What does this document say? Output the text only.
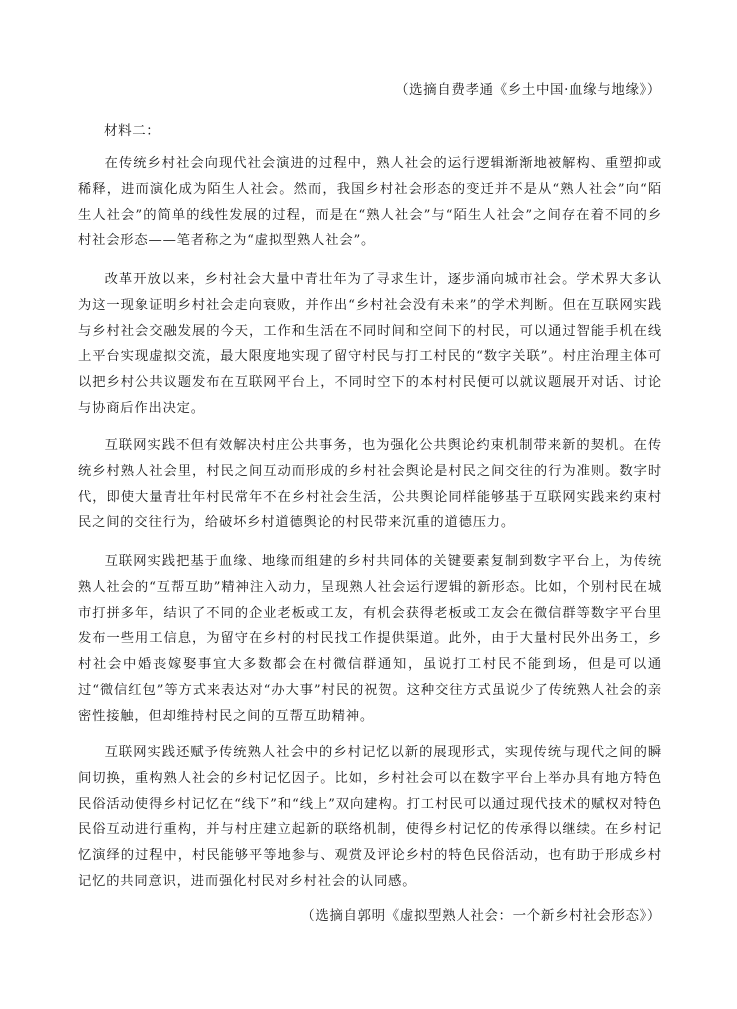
（选摘自费孝通《乡土中国·血缘与地缘》）
材料二：

在传统乡村社会向现代社会演进的过程中，熟人社会的运行逻辑渐渐地被解构、重塑抑或稀释，进而演化成为陌生人社会。然而，我国乡村社会形态的变迁并不是从“熟人社会”向“陌生人社会”的简单的线性发展的过程，而是在“熟人社会”与“陌生人社会”之间存在着不同的乡村社会形态——笔者称之为“虚拟型熟人社会”。

改革开放以来，乡村社会大量中青壮年为了寻求生计，逐步涌向城市社会。学术界大多认为这一现象证明乡村社会走向衰败，并作出“乡村社会没有未来”的学术判断。但在互联网实践与乡村社会交融发展的今天，工作和生活在不同时间和空间下的村民，可以通过智能手机在线上平台实现虚拟交流，最大限度地实现了留守村民与打工村民的“数字关联”。村庄治理主体可以把乡村公共议题发布在互联网平台上，不同时空下的本村村民便可以就议题展开对话、讨论与协商后作出决定。

互联网实践不但有效解决村庄公共事务，也为强化公共舆论约束机制带来新的契机。在传统乡村熟人社会里，村民之间互动而形成的乡村社会舆论是村民之间交往的行为准则。数字时代，即使大量青壮年村民常年不在乡村社会生活，公共舆论同样能够基于互联网实践来约束村民之间的交往行为，给破坏乡村道德舆论的村民带来沉重的道德压力。

互联网实践把基于血缘、地缘而组建的乡村共同体的关键要素复制到数字平台上，为传统熟人社会的“互帮互助”精神注入动力，呈现熟人社会运行逻辑的新形态。比如，个别村民在城市打拼多年，结识了不同的企业老板或工友，有机会获得老板或工友会在微信群等数字平台里发布一些用工信息，为留守在乡村的村民找工作提供渠道。此外，由于大量村民外出务工，乡村社会中婚丧嫁娶事宜大多数都会在村微信群通知，虽说打工村民不能到场，但是可以通过“微信红包”等方式来表达对“办大事”村民的祝贺。这种交往方式虽说少了传统熟人社会的亲密性接触，但却维持村民之间的互帮互助精神。

互联网实践还赋予传统熟人社会中的乡村记忆以新的展现形式，实现传统与现代之间的瞬间切换，重构熟人社会的乡村记忆因子。比如，乡村社会可以在数字平台上举办具有地方特色民俗活动使得乡村记忆在“线下”和“线上”双向建构。打工村民可以通过现代技术的赋权对特色民俗互动进行重构，并与村庄建立起新的联络机制，使得乡村记忆的传承得以继续。在乡村记忆演绎的过程中，村民能够平等地参与、观赏及评论乡村的特色民俗活动，也有助于形成乡村记忆的共同意识，进而强化村民对乡村社会的认同感。

（选摘自郭明《虚拟型熟人社会：一个新乡村社会形态》）
